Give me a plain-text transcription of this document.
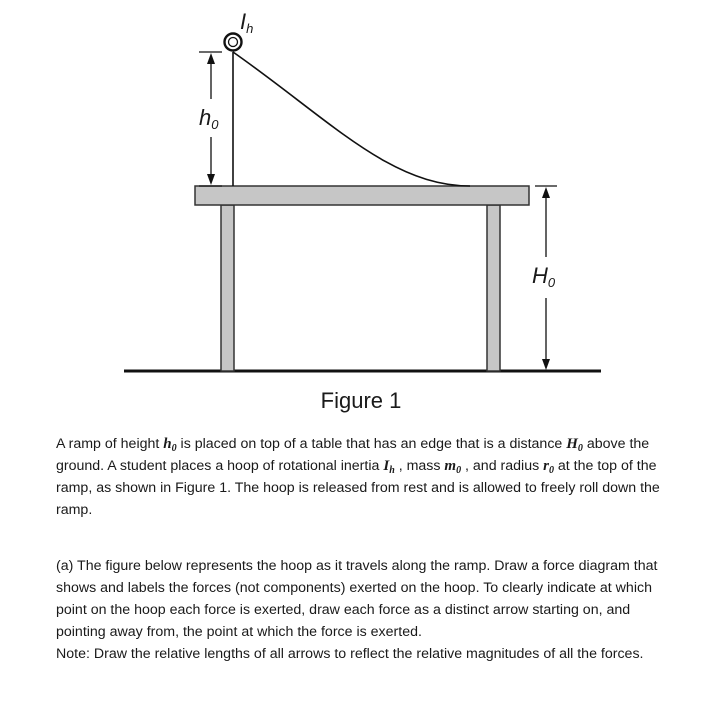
Ih
h0
H0
Figure 1

A ramp of height $h_0$ is placed on top of a table that has an edge that is a distance $H_0$ above the ground. A student places a hoop of rotational inertia $I_h$ , mass $m_0$ , and radius $r_0$ at the top of the ramp, as shown in Figure 1. The hoop is released from rest and is allowed to freely roll down the ramp.

(a) The figure below represents the hoop as it travels along the ramp. Draw a force diagram that shows and labels the forces (not components) exerted on the hoop. To clearly indicate at which point on the hoop each force is exerted, draw each force as a distinct arrow starting on, and pointing away from, the point at which the force is exerted.

Note: Draw the relative lengths of all arrows to reflect the relative magnitudes of all the forces.
